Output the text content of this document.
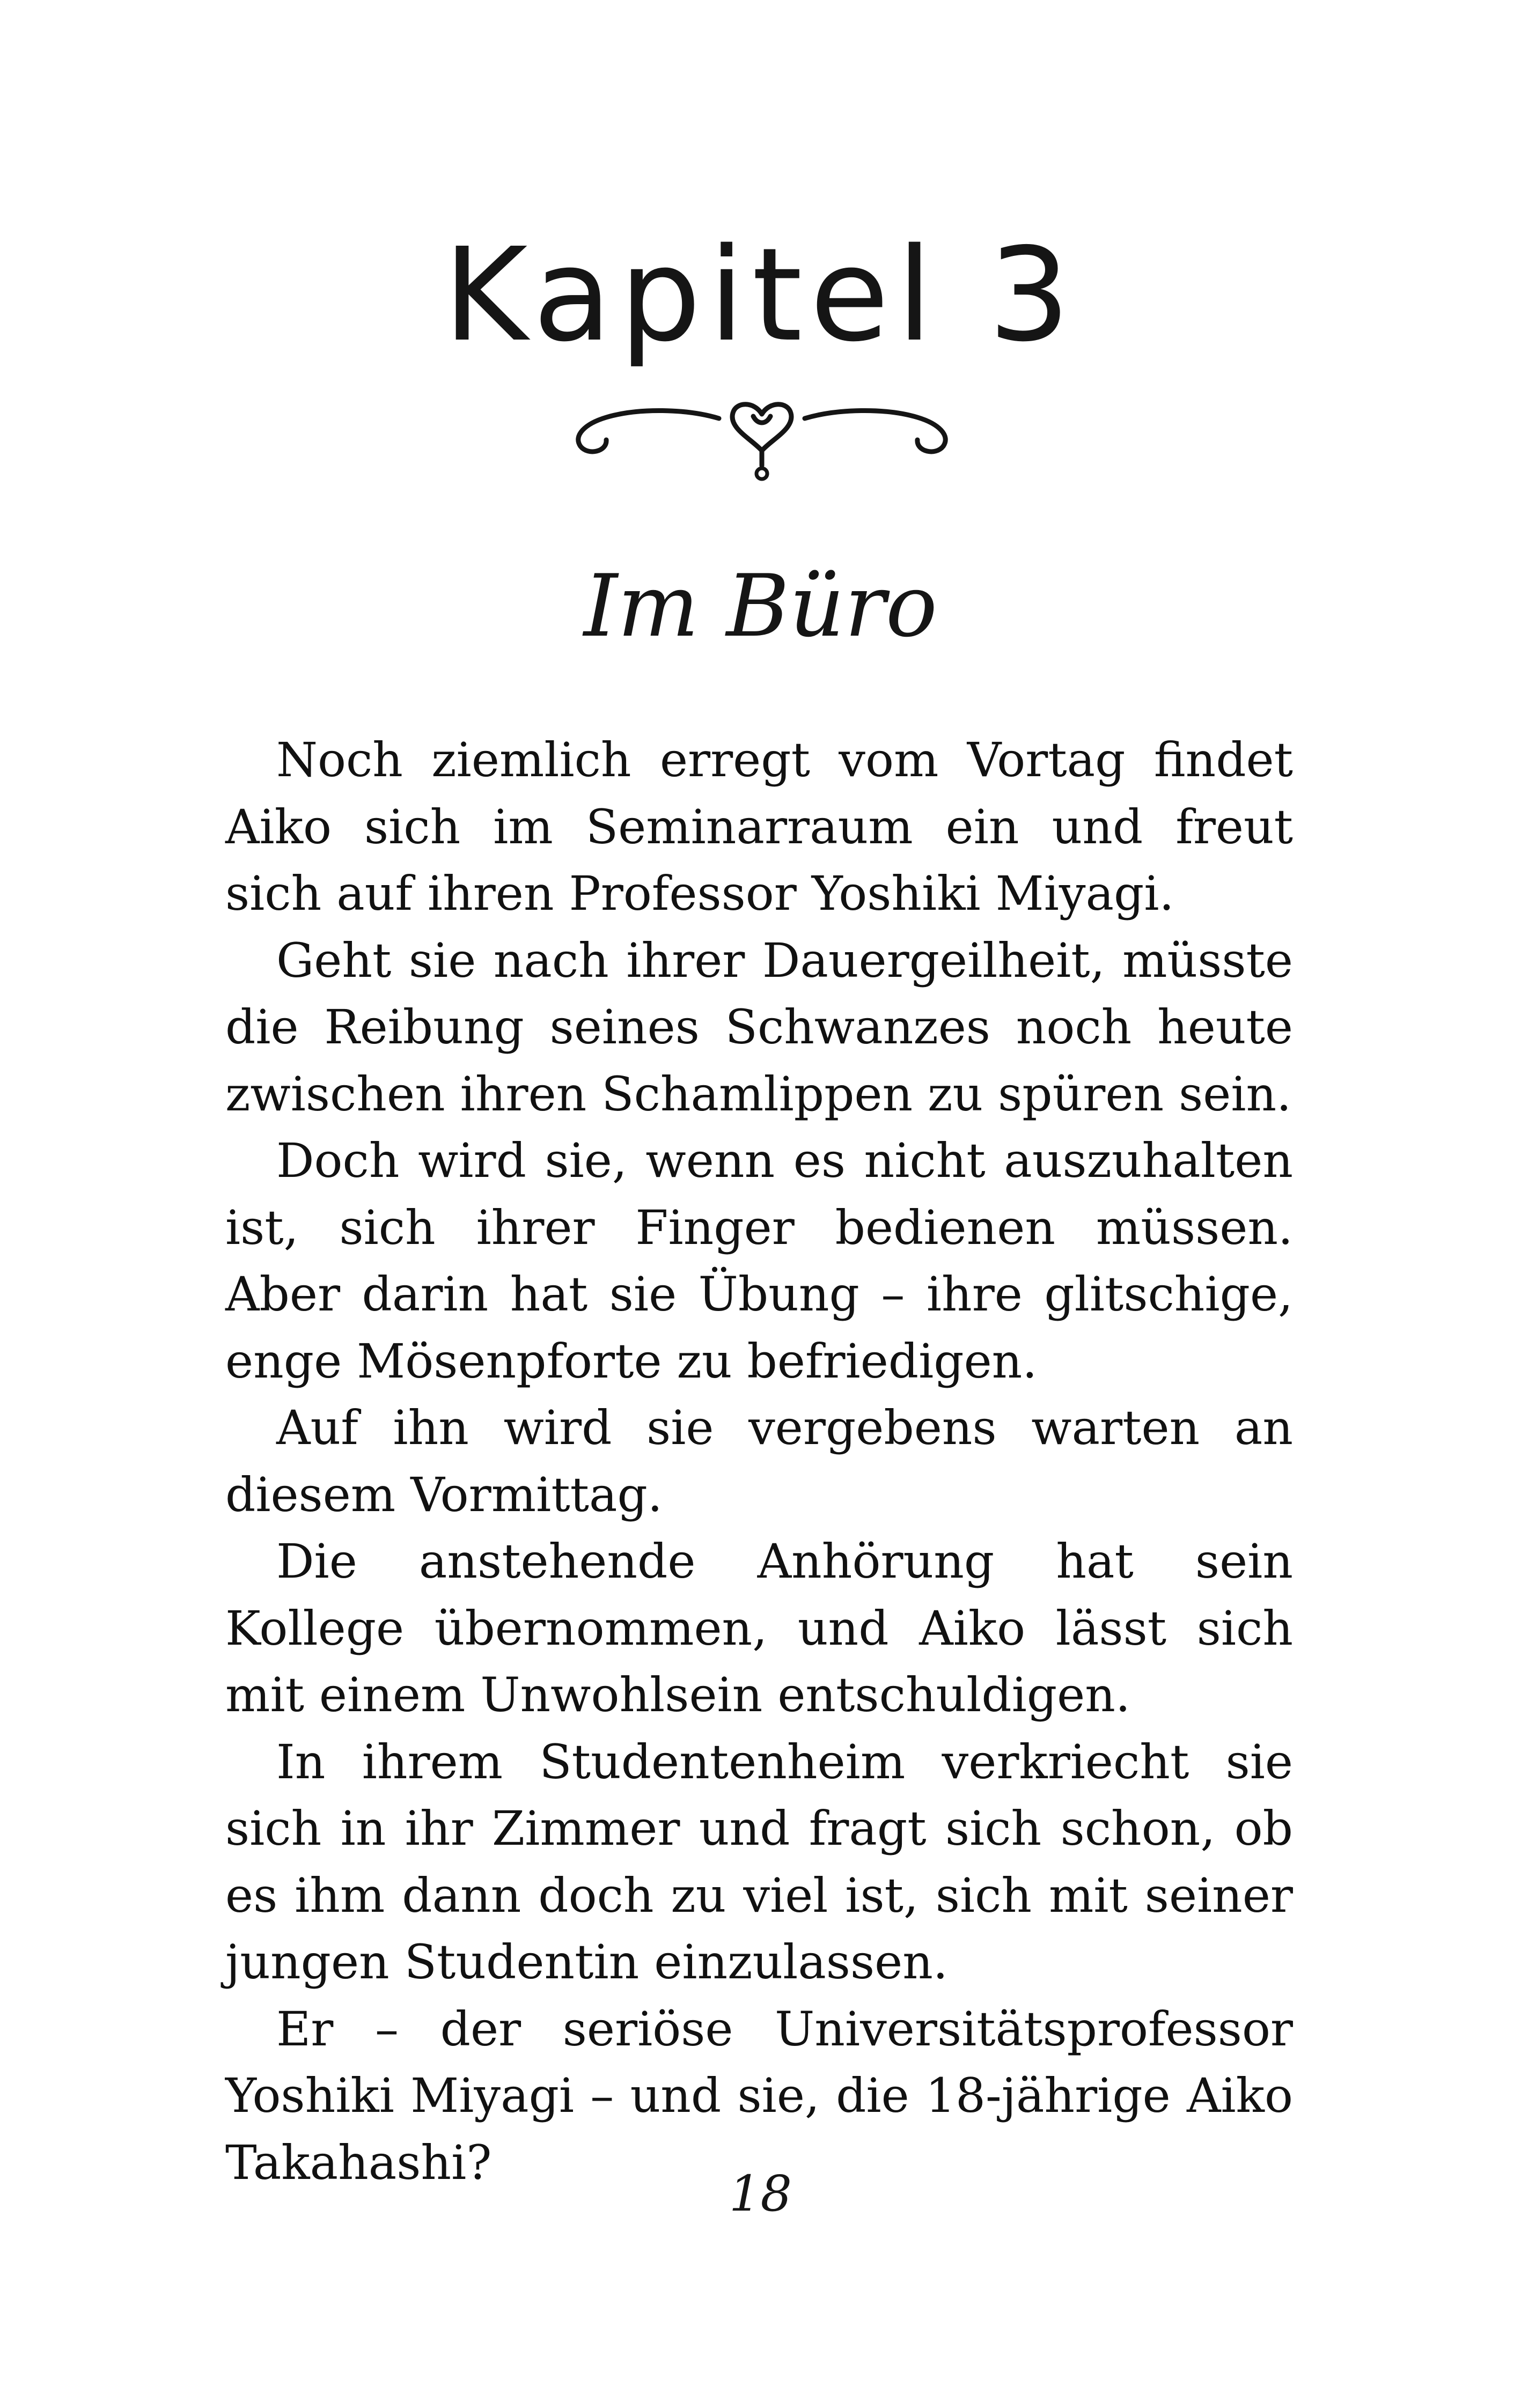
Kapitel 3
Im Büro

Noch ziemlich erregt vom Vortag findet Aiko sich im Seminarraum ein und freut sich auf ihren Professor Yoshiki Miyagi.

Geht sie nach ihrer Dauergeilheit, müsste die Reibung seines Schwanzes noch heute zwischen ihren Schamlippen zu spüren sein.

Doch wird sie, wenn es nicht auszuhalten ist, sich ihrer Finger bedienen müssen. Aber darin hat sie Übung – ihre glitschige, enge Mösenpforte zu befriedigen.

Auf ihn wird sie vergebens warten an diesem Vormittag.

Die anstehende Anhörung hat sein Kollege übernommen, und Aiko lässt sich mit einem Unwohlsein entschuldigen.

In ihrem Studentenheim verkriecht sie sich in ihr Zimmer und fragt sich schon, ob es ihm dann doch zu viel ist, sich mit seiner jungen Studentin einzulassen.

Er – der seriöse Universitätsprofessor Yoshiki Miyagi – und sie, die 18-jährige Aiko Takahashi?

18
